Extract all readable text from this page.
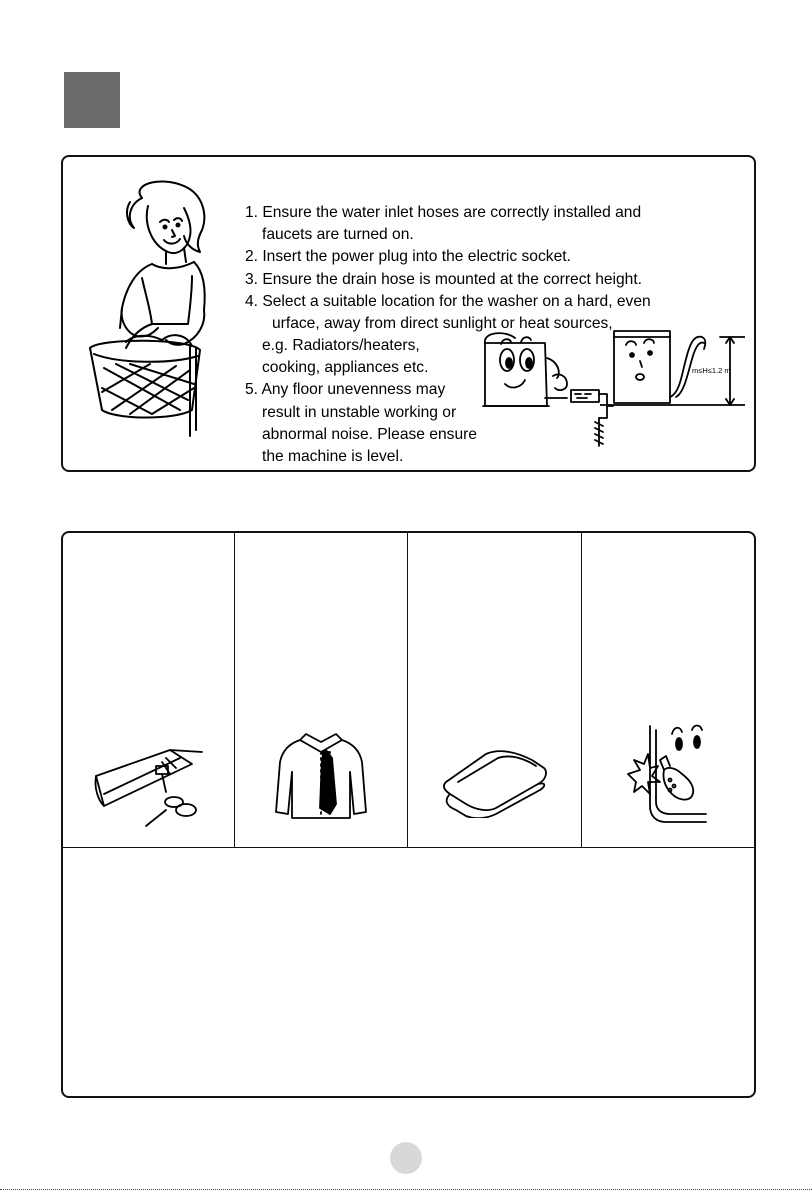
1. Ensure the water inlet hoses are correctly installed and
faucets are turned on.
2. Insert the power plug into the electric socket.
3. Ensure the drain hose is mounted at the correct height.
4. Select a suitable location for the washer on a hard, even
urface, away from direct sunlight or heat sources,
e.g. Radiators/heaters,
cooking, appliances etc.
5. Any floor unevenness may
result in unstable working or
abnormal noise. Please ensure
the machine is level.
m≤H≤1.2 m
